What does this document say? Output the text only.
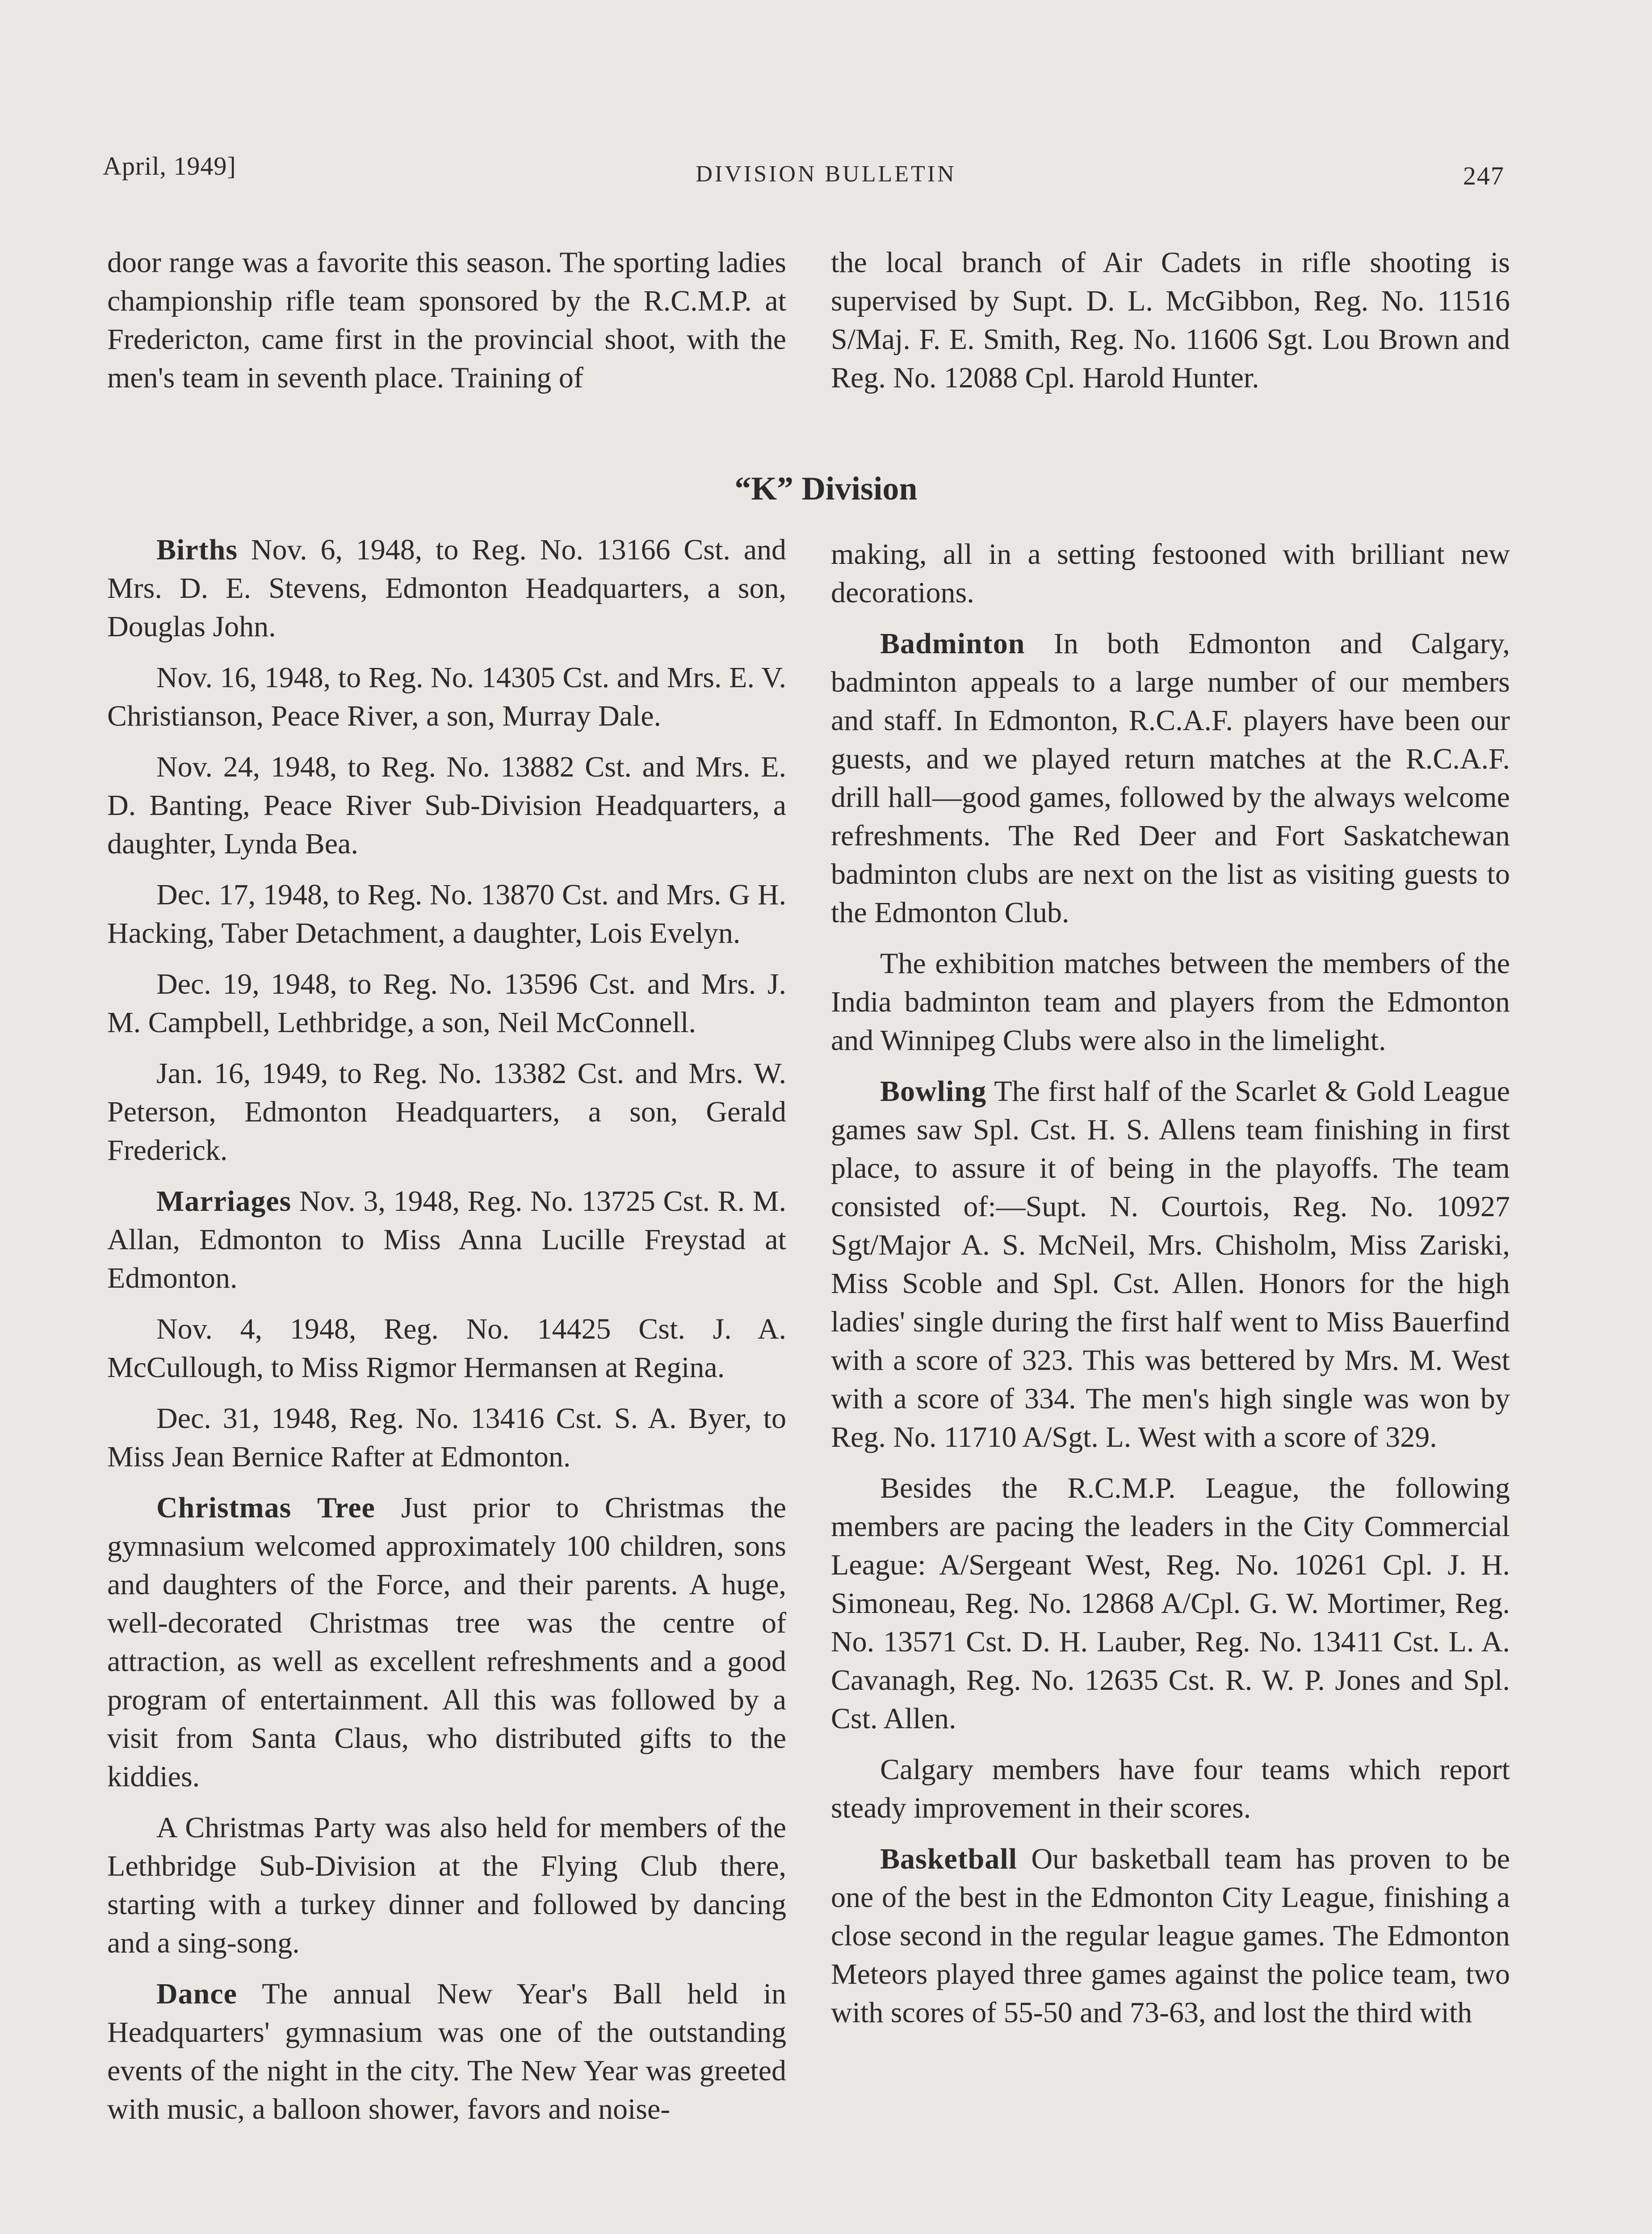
April, 1949]	DIVISION BULLETIN	247

door range was a favorite this season. The sporting ladies championship rifle team sponsored by the R.C.M.P. at Fredericton, came first in the provincial shoot, with the men's team in seventh place. Training of

the local branch of Air Cadets in rifle shooting is supervised by Supt. D. L. McGibbon, Reg. No. 11516 S/Maj. F. E. Smith, Reg. No. 11606 Sgt. Lou Brown and Reg. No. 12088 Cpl. Harold Hunter.

“K” Division

Births Nov. 6, 1948, to Reg. No. 13166 Cst. and Mrs. D. E. Stevens, Edmonton Headquarters, a son, Douglas John.

Nov. 16, 1948, to Reg. No. 14305 Cst. and Mrs. E. V. Christianson, Peace River, a son, Murray Dale.

Nov. 24, 1948, to Reg. No. 13882 Cst. and Mrs. E. D. Banting, Peace River Sub-Division Headquarters, a daughter, Lynda Bea.

Dec. 17, 1948, to Reg. No. 13870 Cst. and Mrs. G H. Hacking, Taber Detachment, a daughter, Lois Evelyn.

Dec. 19, 1948, to Reg. No. 13596 Cst. and Mrs. J. M. Campbell, Lethbridge, a son, Neil McConnell.

Jan. 16, 1949, to Reg. No. 13382 Cst. and Mrs. W. Peterson, Edmonton Headquarters, a son, Gerald Frederick.

Marriages Nov. 3, 1948, Reg. No. 13725 Cst. R. M. Allan, Edmonton to Miss Anna Lucille Freystad at Edmonton.

Nov. 4, 1948, Reg. No. 14425 Cst. J. A. McCullough, to Miss Rigmor Hermansen at Regina.

Dec. 31, 1948, Reg. No. 13416 Cst. S. A. Byer, to Miss Jean Bernice Rafter at Edmonton.

Christmas Tree Just prior to Christmas the gymnasium welcomed approximately 100 children, sons and daughters of the Force, and their parents. A huge, well-decorated Christmas tree was the centre of attraction, as well as excellent refreshments and a good program of entertainment. All this was followed by a visit from Santa Claus, who distributed gifts to the kiddies.

A Christmas Party was also held for members of the Lethbridge Sub-Division at the Flying Club there, starting with a turkey dinner and followed by dancing and a sing-song.

Dance The annual New Year's Ball held in Headquarters' gymnasium was one of the outstanding events of the night in the city. The New Year was greeted with music, a balloon shower, favors and noise-

making, all in a setting festooned with brilliant new decorations.

Badminton In both Edmonton and Calgary, badminton appeals to a large number of our members and staff. In Edmonton, R.C.A.F. players have been our guests, and we played return matches at the R.C.A.F. drill hall—good games, followed by the always welcome refreshments. The Red Deer and Fort Saskatchewan badminton clubs are next on the list as visiting guests to the Edmonton Club.

The exhibition matches between the members of the India badminton team and players from the Edmonton and Winnipeg Clubs were also in the limelight.

Bowling The first half of the Scarlet & Gold League games saw Spl. Cst. H. S. Allens team finishing in first place, to assure it of being in the playoffs. The team consisted of:—Supt. N. Courtois, Reg. No. 10927 Sgt/Major A. S. McNeil, Mrs. Chisholm, Miss Zariski, Miss Scoble and Spl. Cst. Allen. Honors for the high ladies' single during the first half went to Miss Bauerfind with a score of 323. This was bettered by Mrs. M. West with a score of 334. The men's high single was won by Reg. No. 11710 A/Sgt. L. West with a score of 329.

Besides the R.C.M.P. League, the following members are pacing the leaders in the City Commercial League: A/Sergeant West, Reg. No. 10261 Cpl. J. H. Simoneau, Reg. No. 12868 A/Cpl. G. W. Mortimer, Reg. No. 13571 Cst. D. H. Lauber, Reg. No. 13411 Cst. L. A. Cavanagh, Reg. No. 12635 Cst. R. W. P. Jones and Spl. Cst. Allen.

Calgary members have four teams which report steady improvement in their scores.

Basketball Our basketball team has proven to be one of the best in the Edmonton City League, finishing a close second in the regular league games. The Edmonton Meteors played three games against the police team, two with scores of 55-50 and 73-63, and lost the third with
